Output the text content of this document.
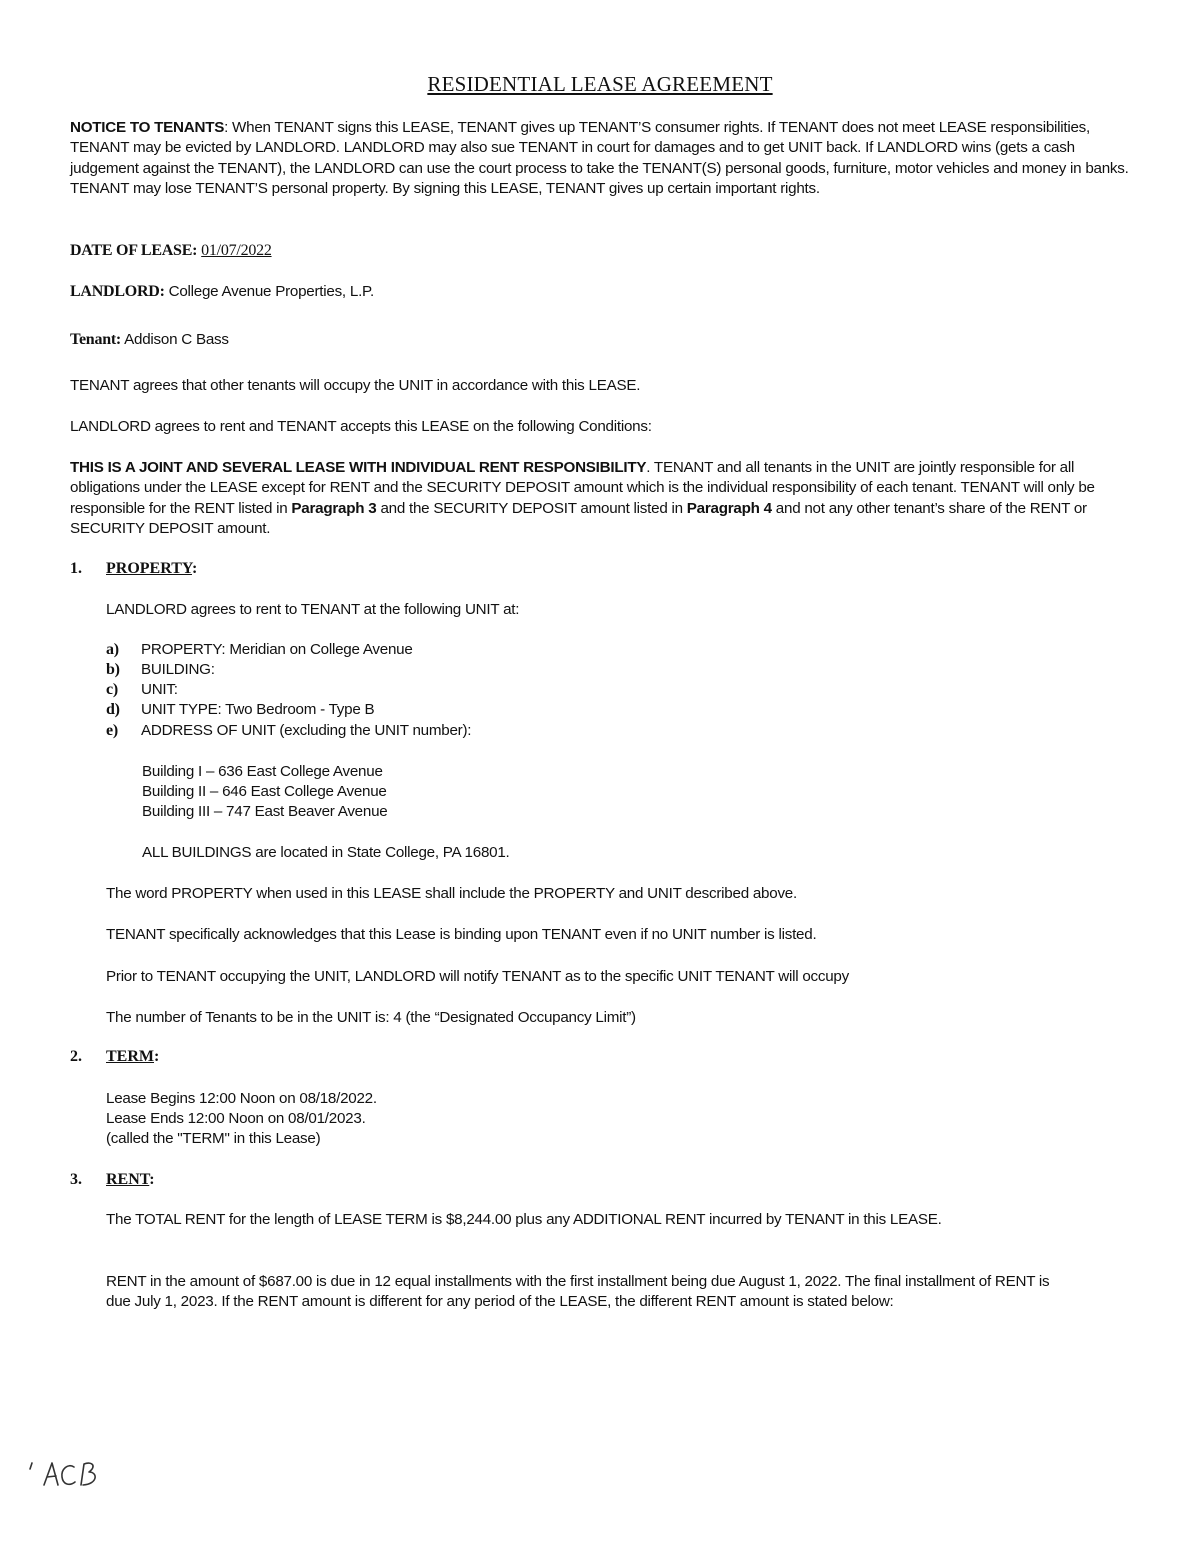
RESIDENTIAL LEASE AGREEMENT
NOTICE TO TENANTS: When TENANT signs this LEASE, TENANT gives up TENANT’S consumer rights. If TENANT does not meet LEASE responsibilities, TENANT may be evicted by LANDLORD. LANDLORD may also sue TENANT in court for damages and to get UNIT back. If LANDLORD wins (gets a cash judgement against the TENANT), the LANDLORD can use the court process to take the TENANT(S) personal goods, furniture, motor vehicles and money in banks. TENANT may lose TENANT’S personal property. By signing this LEASE, TENANT gives up certain important rights.
DATE OF LEASE: 01/07/2022
LANDLORD: College Avenue Properties, L.P.
Tenant: Addison C Bass
TENANT agrees that other tenants will occupy the UNIT in accordance with this LEASE.
LANDLORD agrees to rent and TENANT accepts this LEASE on the following Conditions:
THIS IS A JOINT AND SEVERAL LEASE WITH INDIVIDUAL RENT RESPONSIBILITY. TENANT and all tenants in the UNIT are jointly responsible for all obligations under the LEASE except for RENT and the SECURITY DEPOSIT amount which is the individual responsibility of each tenant. TENANT will only be responsible for the RENT listed in Paragraph 3 and the SECURITY DEPOSIT amount listed in Paragraph 4 and not any other tenant’s share of the RENT or SECURITY DEPOSIT amount.
1. PROPERTY:
LANDLORD agrees to rent to TENANT at the following UNIT at:
a) PROPERTY: Meridian on College Avenue
b) BUILDING:
c) UNIT:
d) UNIT TYPE: Two Bedroom - Type B
e) ADDRESS OF UNIT (excluding the UNIT number):
Building I – 636 East College Avenue
Building II – 646 East College Avenue
Building III – 747 East Beaver Avenue
ALL BUILDINGS are located in State College, PA 16801.
The word PROPERTY when used in this LEASE shall include the PROPERTY and UNIT described above.
TENANT specifically acknowledges that this Lease is binding upon TENANT even if no UNIT number is listed.
Prior to TENANT occupying the UNIT, LANDLORD will notify TENANT as to the specific UNIT TENANT will occupy
The number of Tenants to be in the UNIT is: 4 (the “Designated Occupancy Limit”)
2. TERM:
Lease Begins 12:00 Noon on 08/18/2022.
Lease Ends 12:00 Noon on 08/01/2023.
(called the "TERM" in this Lease)
3. RENT:
The TOTAL RENT for the length of LEASE TERM is $8,244.00 plus any ADDITIONAL RENT incurred by TENANT in this LEASE.
RENT in the amount of $687.00 is due in 12 equal installments with the first installment being due August 1, 2022. The final installment of RENT is due July 1, 2023. If the RENT amount is different for any period of the LEASE, the different RENT amount is stated below:
